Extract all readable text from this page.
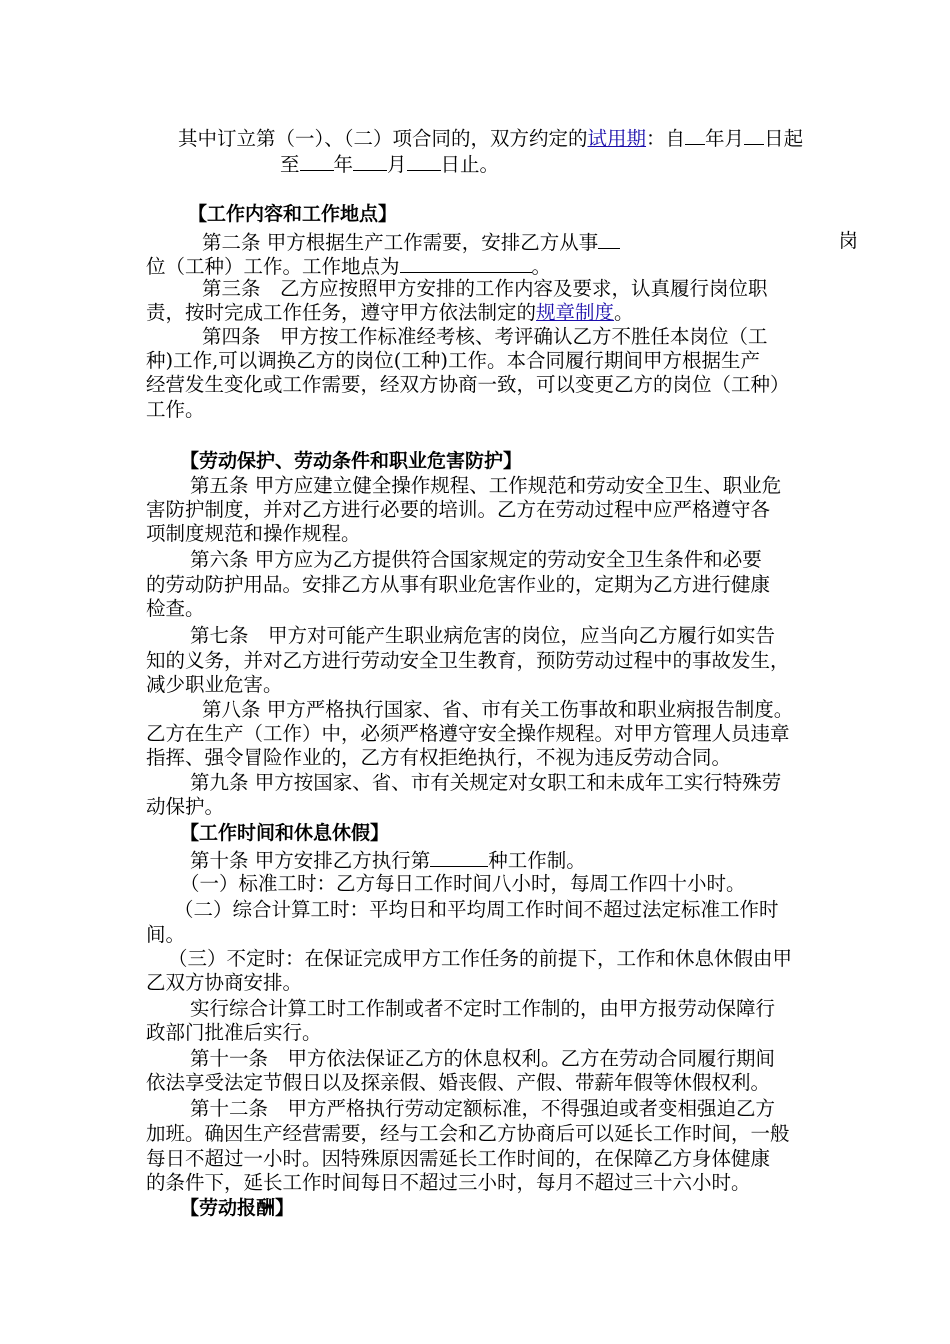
其中订立第（一）、（二）项合同的，双方约定的试用期：自 年月 日起
至 年 月 日止。
【工作内容和工作地点】
第二条 甲方根据生产工作需要，安排乙方从事	岗
位（工种）工作。工作地点为	。
第三条　乙方应按照甲方安排的工作内容及要求，认真履行岗位职
责，按时完成工作任务，遵守甲方依法制定的规章制度。
第四条　甲方按工作标准经考核、考评确认乙方不胜任本岗位（工
种)工作,可以调换乙方的岗位(工种)工作。本合同履行期间甲方根据生产
经营发生变化或工作需要，经双方协商一致，可以变更乙方的岗位（工种）
工作。
【劳动保护、劳动条件和职业危害防护】
第五条 甲方应建立健全操作规程、工作规范和劳动安全卫生、职业危
害防护制度，并对乙方进行必要的培训。乙方在劳动过程中应严格遵守各
项制度规范和操作规程。
第六条 甲方应为乙方提供符合国家规定的劳动安全卫生条件和必要
的劳动防护用品。安排乙方从事有职业危害作业的，定期为乙方进行健康
检查。
第七条　甲方对可能产生职业病危害的岗位，应当向乙方履行如实告
知的义务，并对乙方进行劳动安全卫生教育，预防劳动过程中的事故发生，
减少职业危害。
第八条 甲方严格执行国家、省、市有关工伤事故和职业病报告制度。
乙方在生产（工作）中，必须严格遵守安全操作规程。对甲方管理人员违章
指挥、强令冒险作业的，乙方有权拒绝执行，不视为违反劳动合同。
第九条 甲方按国家、省、市有关规定对女职工和未成年工实行特殊劳
动保护。
【工作时间和休息休假】
第十条 甲方安排乙方执行第	种工作制。
（一）标准工时：乙方每日工作时间八小时，每周工作四十小时。
（二）综合计算工时：平均日和平均周工作时间不超过法定标准工作时
间。
（三）不定时：在保证完成甲方工作任务的前提下，工作和休息休假由甲
乙双方协商安排。
实行综合计算工时工作制或者不定时工作制的，由甲方报劳动保障行
政部门批准后实行。
第十一条　甲方依法保证乙方的休息权利。乙方在劳动合同履行期间
依法享受法定节假日以及探亲假、婚丧假、产假、带薪年假等休假权利。
第十二条　甲方严格执行劳动定额标准，不得强迫或者变相强迫乙方
加班。确因生产经营需要，经与工会和乙方协商后可以延长工作时间，一般
每日不超过一小时。因特殊原因需延长工作时间的，在保障乙方身体健康
的条件下，延长工作时间每日不超过三小时，每月不超过三十六小时。
【劳动报酬】
